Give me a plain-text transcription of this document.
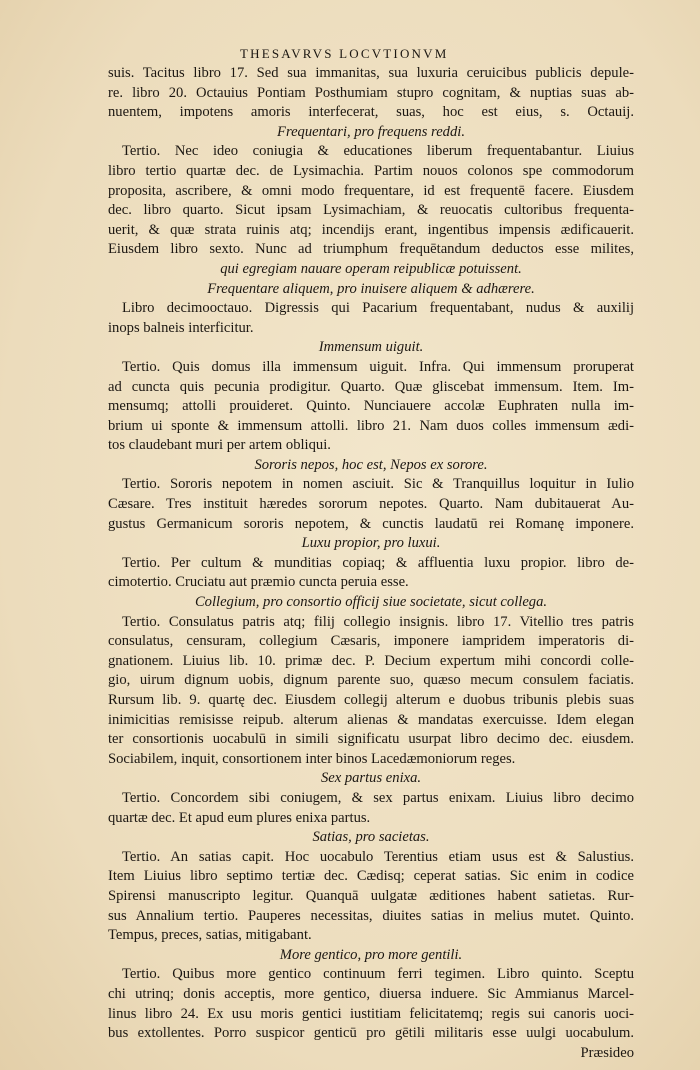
THESAVRVS LOCVTIONVM
suis. Tacitus libro 17. Sed sua immanitas, sua luxuria ceruicibus publicis depule-
re. libro 20. Octauius Pontiam Posthumiam stupro cognitam, & nuptias suas ab-
nuentem, impotens amoris interfecerat, suas, hoc est eius, s. Octauij.
Frequentari, pro frequens reddi.
Tertio. Nec ideo coniugia & educationes liberum frequentabantur. Liuius
libro tertio quartæ dec. de Lysimachia. Partim nouos colonos spe commodorum
proposita, ascribere, & omni modo frequentare, id est frequentē facere. Eiusdem
dec. libro quarto. Sicut ipsam Lysimachiam, & reuocatis cultoribus frequenta-
uerit, & quæ strata ruinis atq; incendijs erant, ingentibus impensis ædificauerit.
Eiusdem libro sexto. Nunc ad triumphum frequētandum deductos esse milites,
qui egregiam nauare operam reipublicæ potuissent.
Frequentare aliquem, pro inuisere aliquem & adhærere.
Libro decimooctauo. Digressis qui Pacarium frequentabant, nudus & auxilij
inops balneis interficitur.
Immensum uiguit.
Tertio. Quis domus illa immensum uiguit. Infra. Qui immensum proruperat
ad cuncta quis pecunia prodigitur. Quarto. Quæ gliscebat immensum. Item. Im-
mensumq; attolli prouideret. Quinto. Nunciauere accolæ Euphraten nulla im-
brium ui sponte & immensum attolli. libro 21. Nam duos colles immensum ædi-
tos claudebant muri per artem obliqui.
Sororis nepos, hoc est, Nepos ex sorore.
Tertio. Sororis nepotem in nomen asciuit. Sic & Tranquillus loquitur in Iulio
Cæsare. Tres instituit hæredes sororum nepotes. Quarto. Nam dubitauerat Au-
gustus Germanicum sororis nepotem, & cunctis laudatū rei Romanę imponere.
Luxu propior, pro luxui.
Tertio. Per cultum & munditias copiaq; & affluentia luxu propior. libro de-
cimotertio. Cruciatu aut præmio cuncta peruia esse.
Collegium, pro consortio officij siue societate, sicut collega.
Tertio. Consulatus patris atq; filij collegio insignis. libro 17. Vitellio tres patris
consulatus, censuram, collegium Cæsaris, imponere iampridem imperatoris di-
gnationem. Liuius lib. 10. primæ dec. P. Decium expertum mihi concordi colle-
gio, uirum dignum uobis, dignum parente suo, quæso mecum consulem faciatis.
Rursum lib. 9. quartę dec. Eiusdem collegij alterum e duobus tribunis plebis suas
inimicitias remisisse reipub. alterum alienas & mandatas exercuisse. Idem elegan
ter consortionis uocabulū in simili significatu usurpat libro decimo dec. eiusdem.
Sociabilem, inquit, consortionem inter binos Lacedæmoniorum reges.
Sex partus enixa.
Tertio. Concordem sibi coniugem, & sex partus enixam. Liuius libro decimo
quartæ dec. Et apud eum plures enixa partus.
Satias, pro sacietas.
Tertio. An satias capit. Hoc uocabulo Terentius etiam usus est & Salustius.
Item Liuius libro septimo tertiæ dec. Cædisq; ceperat satias. Sic enim in codice
Spirensi manuscripto legitur. Quanquā uulgatæ æditiones habent satietas. Rur-
sus Annalium tertio. Pauperes necessitas, diuites satias in melius mutet. Quinto.
Tempus, preces, satias, mitigabant.
More gentico, pro more gentili.
Tertio. Quibus more gentico continuum ferri tegimen. Libro quinto. Sceptu
chi utrinq; donis acceptis, more gentico, diuersa induere. Sic Ammianus Marcel-
linus libro 24. Ex usu moris gentici iustitiam felicitatemq; regis sui canoris uoci-
bus extollentes. Porro suspicor genticū pro gētili militaris esse uulgi uocabulum.
Præsideo
